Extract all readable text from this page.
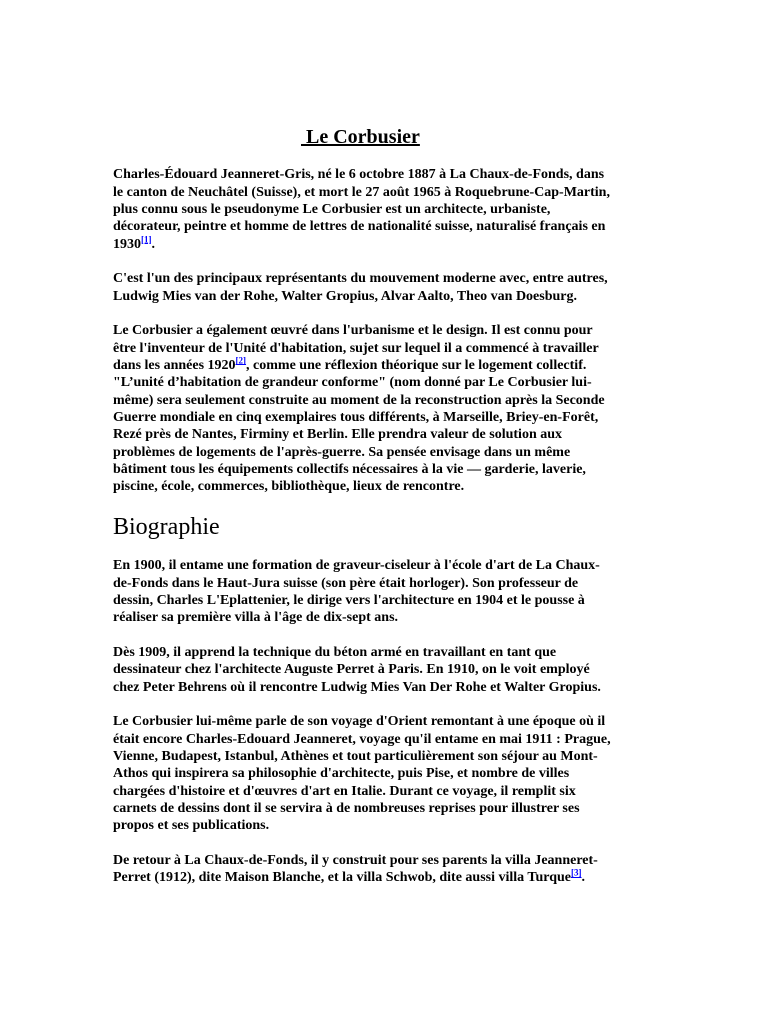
Le Corbusier
Charles-Édouard Jeanneret-Gris, né le 6 octobre 1887 à La Chaux-de-Fonds, dans
le canton de Neuchâtel (Suisse), et mort le 27 août 1965 à Roquebrune-Cap-Martin,
plus connu sous le pseudonyme Le Corbusier est un architecte, urbaniste,
décorateur, peintre et homme de lettres de nationalité suisse, naturalisé français en
1930[1].
C'est l'un des principaux représentants du mouvement moderne avec, entre autres,
Ludwig Mies van der Rohe, Walter Gropius, Alvar Aalto, Theo van Doesburg.
Le Corbusier a également œuvré dans l'urbanisme et le design. Il est connu pour
être l'inventeur de l'Unité d'habitation, sujet sur lequel il a commencé à travailler
dans les années 1920[2], comme une réflexion théorique sur le logement collectif.
"L’unité d’habitation de grandeur conforme" (nom donné par Le Corbusier lui-
même) sera seulement construite au moment de la reconstruction après la Seconde
Guerre mondiale en cinq exemplaires tous différents, à Marseille, Briey-en-Forêt,
Rezé près de Nantes, Firminy et Berlin. Elle prendra valeur de solution aux
problèmes de logements de l'après-guerre. Sa pensée envisage dans un même
bâtiment tous les équipements collectifs nécessaires à la vie — garderie, laverie,
piscine, école, commerces, bibliothèque, lieux de rencontre.
Biographie
En 1900, il entame une formation de graveur-ciseleur à l'école d'art de La Chaux-
de-Fonds dans le Haut-Jura suisse (son père était horloger). Son professeur de
dessin, Charles L'Eplattenier, le dirige vers l'architecture en 1904 et le pousse à
réaliser sa première villa à l'âge de dix-sept ans.
Dès 1909, il apprend la technique du béton armé en travaillant en tant que
dessinateur chez l'architecte Auguste Perret à Paris. En 1910, on le voit employé
chez Peter Behrens où il rencontre Ludwig Mies Van Der Rohe et Walter Gropius.
Le Corbusier lui-même parle de son voyage d'Orient remontant à une époque où il
était encore Charles-Edouard Jeanneret, voyage qu'il entame en mai 1911 : Prague,
Vienne, Budapest, Istanbul, Athènes et tout particulièrement son séjour au Mont-
Athos qui inspirera sa philosophie d'architecte, puis Pise, et nombre de villes
chargées d'histoire et d'œuvres d'art en Italie. Durant ce voyage, il remplit six
carnets de dessins dont il se servira à de nombreuses reprises pour illustrer ses
propos et ses publications.
De retour à La Chaux-de-Fonds, il y construit pour ses parents la villa Jeanneret-
Perret (1912), dite Maison Blanche, et la villa Schwob, dite aussi villa Turque[3].
